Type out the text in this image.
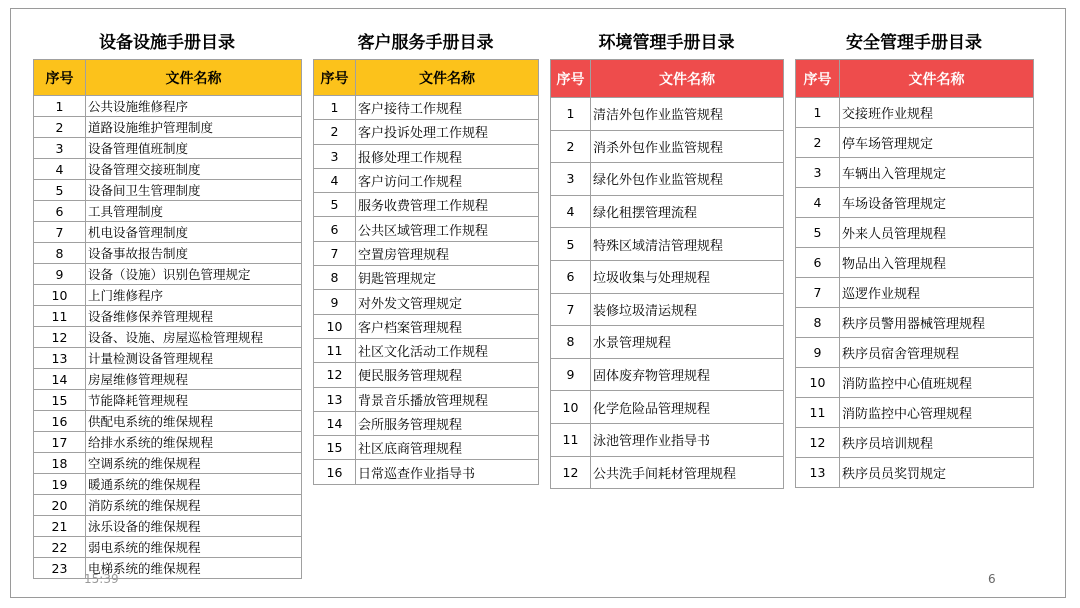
设备设施手册目录
序号	文件名称
1	公共设施维修程序
2	道路设施维护管理制度
3	设备管理值班制度
4	设备管理交接班制度
5	设备间卫生管理制度
6	工具管理制度
7	机电设备管理制度
8	设备事故报告制度
9	设备（设施）识别色管理规定
10	上门维修程序
11	设备维修保养管理规程
12	设备、设施、房屋巡检管理规程
13	计量检测设备管理规程
14	房屋维修管理规程
15	节能降耗管理规程
16	供配电系统的维保规程
17	给排水系统的维保规程
18	空调系统的维保规程
19	暖通系统的维保规程
20	消防系统的维保规程
21	泳乐设备的维保规程
22	弱电系统的维保规程
23	电梯系统的维保规程
客户服务手册目录
序号	文件名称
1	客户接待工作规程
2	客户投诉处理工作规程
3	报修处理工作规程
4	客户访问工作规程
5	服务收费管理工作规程
6	公共区域管理工作规程
7	空置房管理规程
8	钥匙管理规定
9	对外发文管理规定
10	客户档案管理规程
11	社区文化活动工作规程
12	便民服务管理规程
13	背景音乐播放管理规程
14	会所服务管理规程
15	社区底商管理规程
16	日常巡查作业指导书
环境管理手册目录
序号	文件名称
1	清洁外包作业监管规程
2	消杀外包作业监管规程
3	绿化外包作业监管规程
4	绿化租摆管理流程
5	特殊区域清洁管理规程
6	垃圾收集与处理规程
7	装修垃圾清运规程
8	水景管理规程
9	固体废弃物管理规程
10	化学危险品管理规程
11	泳池管理作业指导书
12	公共洗手间耗材管理规程
安全管理手册目录
序号	文件名称
1	交接班作业规程
2	停车场管理规定
3	车辆出入管理规定
4	车场设备管理规定
5	外来人员管理规程
6	物品出入管理规程
7	巡逻作业规程
8	秩序员警用器械管理规程
9	秩序员宿舍管理规程
10	消防监控中心值班规程
11	消防监控中心管理规程
12	秩序员培训规程
13	秩序员员奖罚规定
15:39	6
